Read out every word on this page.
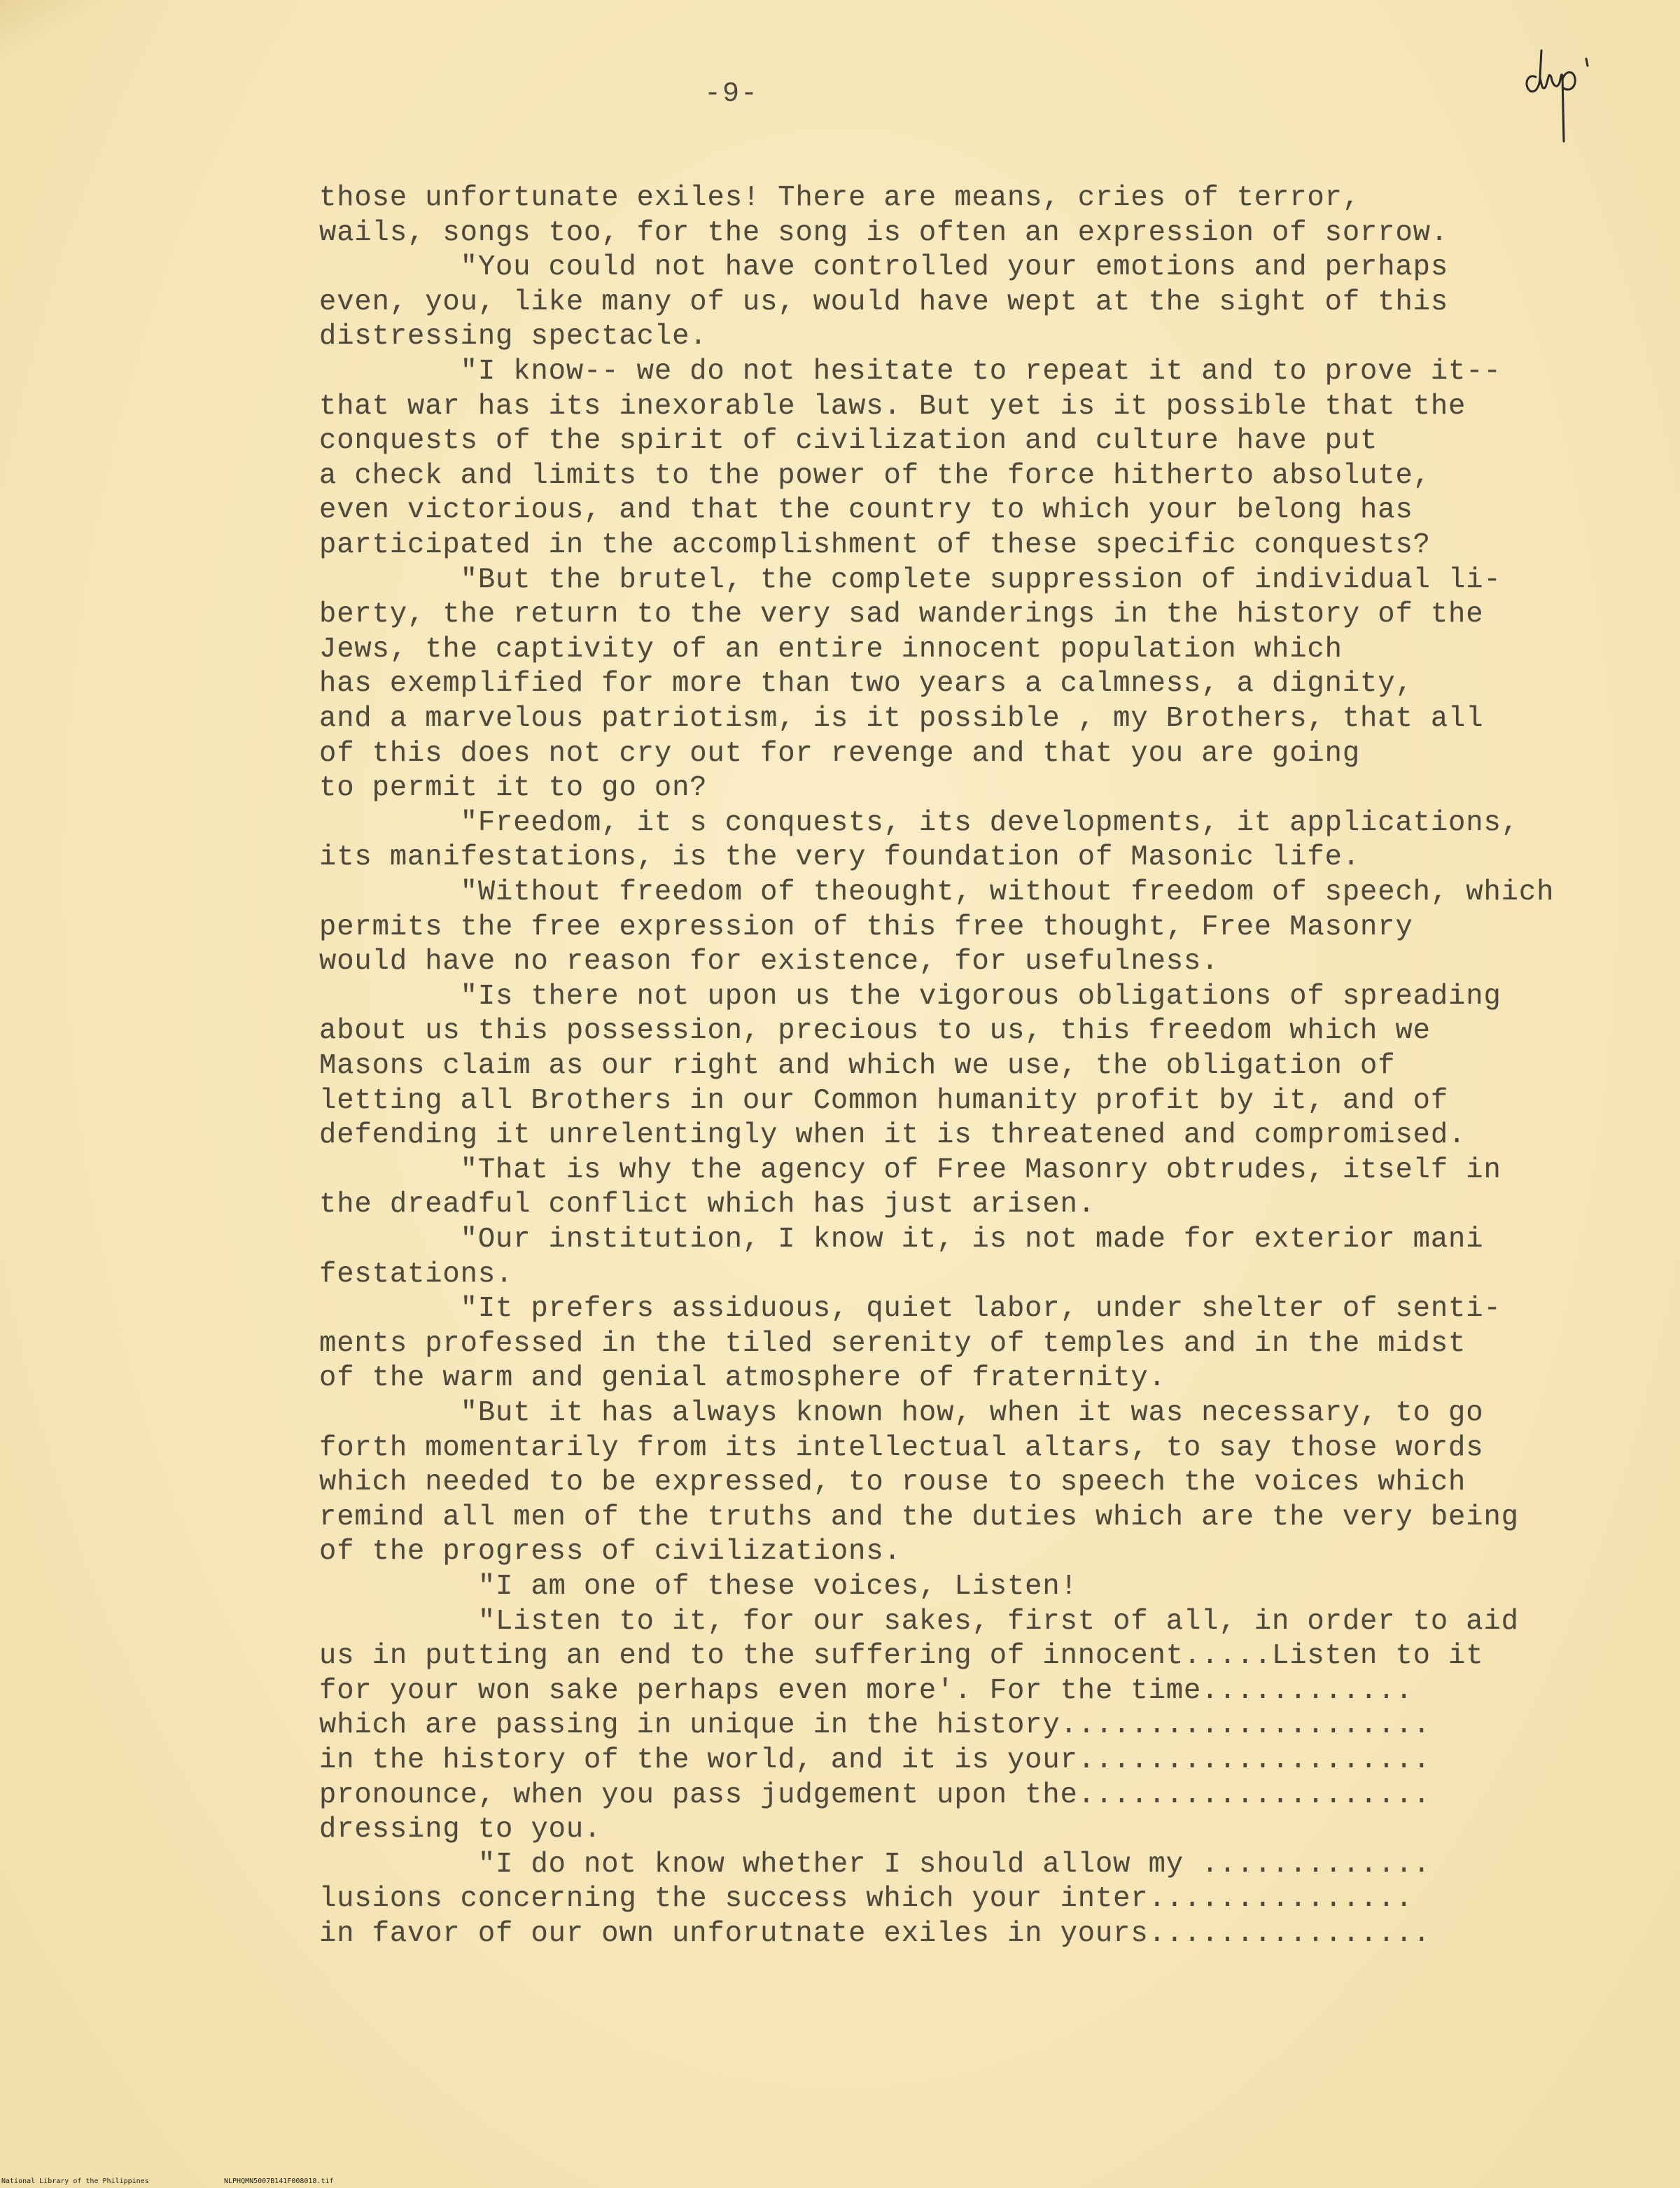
-9-
those unfortunate exiles! There are means, cries of terror,
wails, songs too, for the song is often an expression of sorrow.
"You could not have controlled your emotions and perhaps
even, you, like many of us, would have wept at the sight of this
distressing spectacle.
"I know-- we do not hesitate to repeat it and to prove it--
that war has its inexorable laws. But yet is it possible that the
conquests of the spirit of civilization and culture have put
a check and limits to the power of the force hitherto absolute,
even victorious, and that the country to which your belong has
participated in the accomplishment of these specific conquests?
"But the brutel, the complete suppression of individual li-
berty, the return to the very sad wanderings in the history of the
Jews, the captivity of an entire innocent population which
has exemplified for more than two years a calmness, a dignity,
and a marvelous patriotism, is it possible , my Brothers, that all
of this does not cry out for revenge and that you are going
to permit it to go on?
"Freedom, it s conquests, its developments, it applications,
its manifestations, is the very foundation of Masonic life.
"Without freedom of theought, without freedom of speech, which
permits the free expression of this free thought, Free Masonry
would have no reason for existence, for usefulness.
"Is there not upon us the vigorous obligations of spreading
about us this possession, precious to us, this freedom which we
Masons claim as our right and which we use, the obligation of
letting all Brothers in our Common humanity profit by it, and of
defending it unrelentingly when it is threatened and compromised.
"That is why the agency of Free Masonry obtrudes, itself in
the dreadful conflict which has just arisen.
"Our institution, I know it, is not made for exterior mani
festations.
"It prefers assiduous, quiet labor, under shelter of senti-
ments professed in the tiled serenity of temples and in the midst
of the warm and genial atmosphere of fraternity.
"But it has always known how, when it was necessary, to go
forth momentarily from its intellectual altars, to say those words
which needed to be expressed, to rouse to speech the voices which
remind all men of the truths and the duties which are the very being
of the progress of civilizations.
"I am one of these voices, Listen!
"Listen to it, for our sakes, first of all, in order to aid
us in putting an end to the suffering of innocent.....Listen to it
for your won sake perhaps even more'. For the time............
which are passing in unique in the history.....................
in the history of the world, and it is your....................
pronounce, when you pass judgement upon the....................
dressing to you.
"I do not know whether I should allow my .............
lusions concerning the success which your inter...............
in favor of our own unforutnate exiles in yours................

National Library of the Philippines

	NLPHQMN5007B141F008018.tif
